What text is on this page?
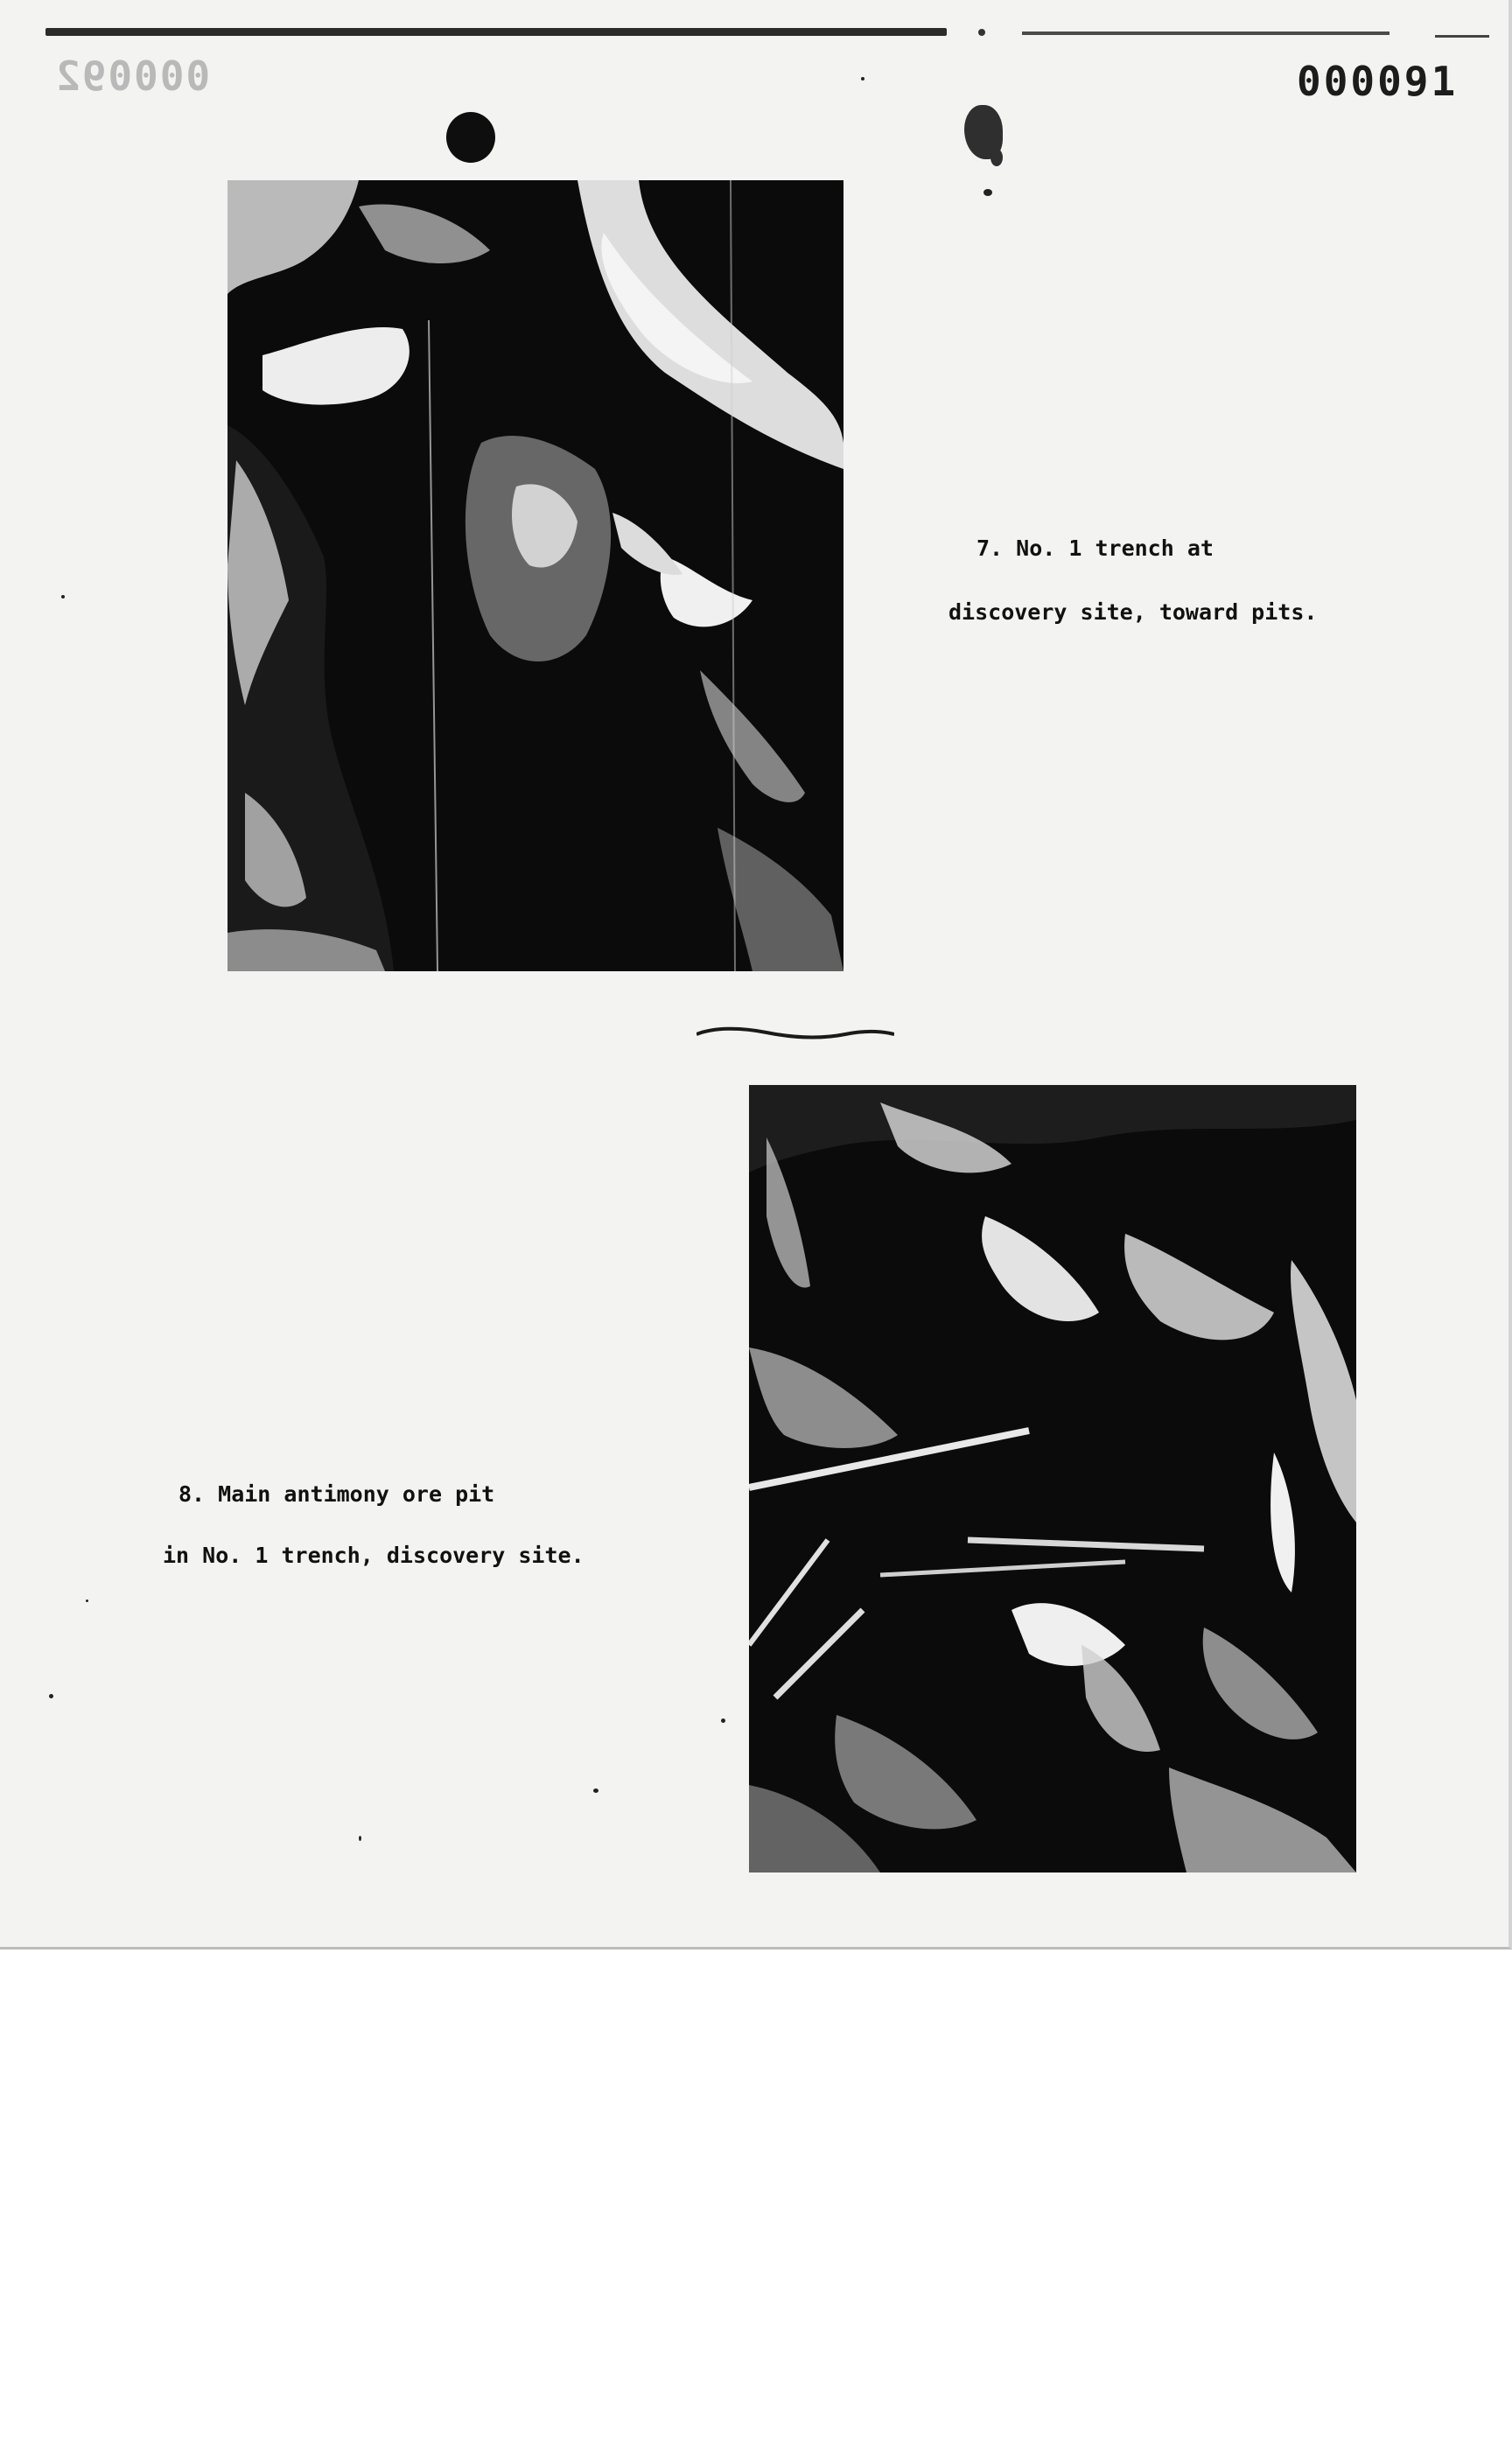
000092	000091
7. No. 1 trench at
discovery site, toward pits.
8. Main antimony ore pit
in No. 1 trench, discovery site.
